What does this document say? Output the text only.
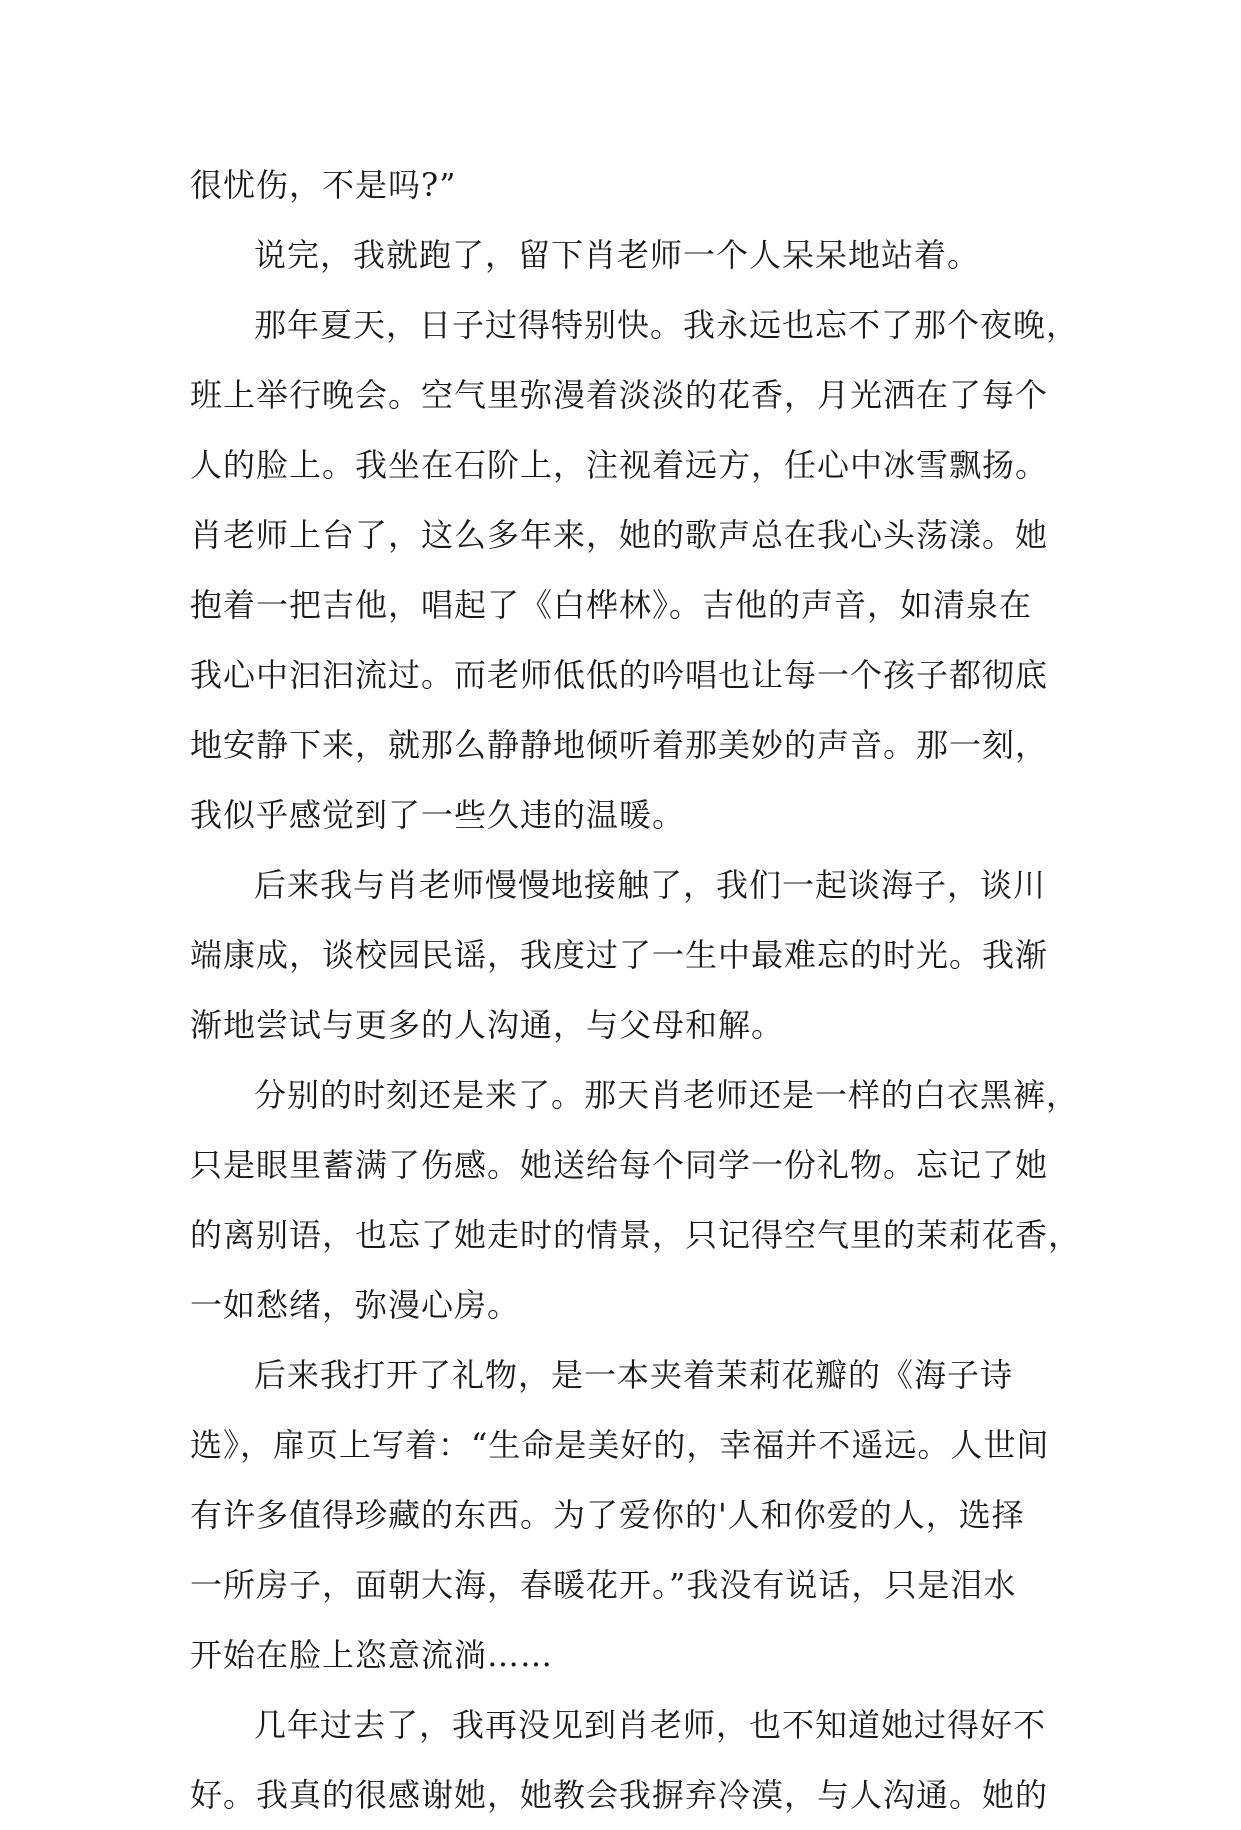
很忧伤，不是吗?”
说完，我就跑了，留下肖老师一个人呆呆地站着。
那年夏天，日子过得特别快。我永远也忘不了那个夜晚，
班上举行晚会。空气里弥漫着淡淡的花香，月光洒在了每个
人的脸上。我坐在石阶上，注视着远方，任心中冰雪飘扬。
肖老师上台了，这么多年来，她的歌声总在我心头荡漾。她
抱着一把吉他，唱起了《白桦林》。吉他的声音，如清泉在
我心中汩汩流过。而老师低低的吟唱也让每一个孩子都彻底
地安静下来，就那么静静地倾听着那美妙的声音。那一刻，
我似乎感觉到了一些久违的温暖。
后来我与肖老师慢慢地接触了，我们一起谈海子，谈川
端康成，谈校园民谣，我度过了一生中最难忘的时光。我渐
渐地尝试与更多的人沟通，与父母和解。
分别的时刻还是来了。那天肖老师还是一样的白衣黑裤，
只是眼里蓄满了伤感。她送给每个同学一份礼物。忘记了她
的离别语，也忘了她走时的情景，只记得空气里的茉莉花香，
一如愁绪，弥漫心房。
后来我打开了礼物，是一本夹着茉莉花瓣的《海子诗
选》，扉页上写着：“生命是美好的，幸福并不遥远。人世间
有许多值得珍藏的东西。为了爱你的'人和你爱的人，选择
一所房子，面朝大海，春暖花开。”我没有说话，只是泪水
开始在脸上恣意流淌……
几年过去了，我再没见到肖老师，也不知道她过得好不
好。我真的很感谢她，她教会我摒弃冷漠，与人沟通。她的
